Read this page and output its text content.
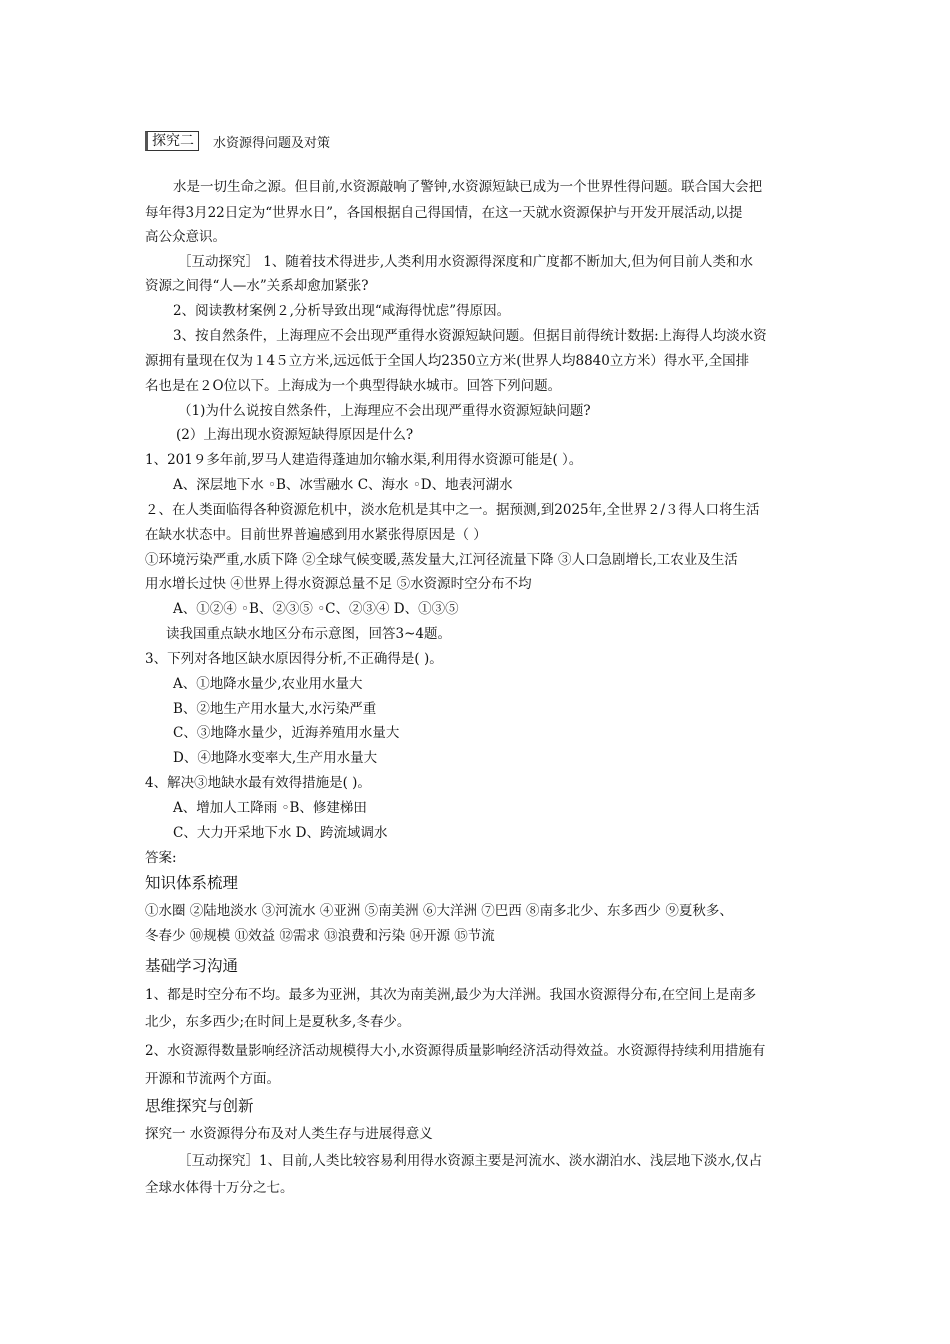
探究二	水资源得问题及对策
水是一切生命之源。但目前,水资源敲响了警钟,水资源短缺已成为一个世界性得问题。联合国大会把
每年得3月22日定为“世界水日”，各国根据自己得国情，在这一天就水资源保护与开发开展活动,以提
高公众意识。
［互动探究］ 1、随着技术得进步,人类利用水资源得深度和广度都不断加大,但为何目前人类和水
资源之间得“人—水”关系却愈加紧张?
2、阅读教材案例２,分析导致出现“咸海得忧虑”得原因。
3、按自然条件，上海理应不会出现严重得水资源短缺问题。但据目前得统计数据:上海得人均淡水资
源拥有量现在仅为１4５立方米,远远低于全国人均2350立方米(世界人均8840立方米）得水平,全国排
名也是在２O位以下。上海成为一个典型得缺水城市。回答下列问题。
（1)为什么说按自然条件，上海理应不会出现严重得水资源短缺问题?
(2）上海出现水资源短缺得原因是什么?
1、201９多年前,罗马人建造得蓬迪加尔输水渠,利用得水资源可能是( ）。
A、深层地下水 ◦B、冰雪融水 C、海水 ◦D、地表河湖水
２、在人类面临得各种资源危机中，淡水危机是其中之一。据预测,到2025年,全世界２/３得人口将生活
在缺水状态中。目前世界普遍感到用水紧张得原因是（ ）
①环境污染严重,水质下降 ②全球气候变暖,蒸发量大,江河径流量下降 ③人口急剧增长,工农业及生活
用水增长过快 ④世界上得水资源总量不足 ⑤水资源时空分布不均
A、①②④ ◦B、②③⑤ ◦C、②③④ D、①③⑤
读我国重点缺水地区分布示意图，回答3~4题。
3、下列对各地区缺水原因得分析,不正确得是( )。
A、①地降水量少,农业用水量大
B、②地生产用水量大,水污染严重
C、③地降水量少，近海养殖用水量大
D、④地降水变率大,生产用水量大
4、解决③地缺水最有效得措施是( )。
A、增加人工降雨 ◦B、修建梯田
C、大力开采地下水 D、跨流域调水
答案:
知识体系梳理
①水圈 ②陆地淡水 ③河流水 ④亚洲 ⑤南美洲 ⑥大洋洲 ⑦巴西 ⑧南多北少、东多西少 ⑨夏秋多、
冬春少 ⑩规模 ⑪效益 ⑫需求 ⑬浪费和污染 ⑭开源 ⑮节流
基础学习沟通
1、都是时空分布不均。最多为亚洲，其次为南美洲,最少为大洋洲。我国水资源得分布,在空间上是南多
北少，东多西少;在时间上是夏秋多,冬春少。
2、水资源得数量影响经济活动规模得大小,水资源得质量影响经济活动得效益。水资源得持续利用措施有
开源和节流两个方面。
思维探究与创新
探究一 水资源得分布及对人类生存与进展得意义
［互动探究］1、目前,人类比较容易利用得水资源主要是河流水、淡水湖泊水、浅层地下淡水,仅占
全球水体得十万分之七。
